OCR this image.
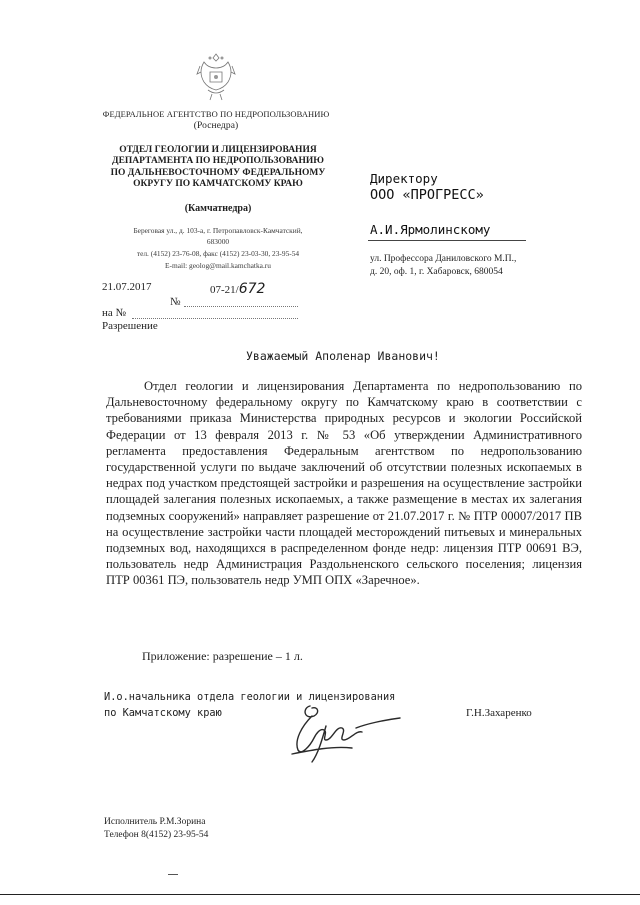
ФЕДЕРАЛЬНОЕ АГЕНТСТВО ПО НЕДРОПОЛЬЗОВАНИЮ
(Роснедра)
ОТДЕЛ ГЕОЛОГИИ И ЛИЦЕНЗИРОВАНИЯ
ДЕПАРТАМЕНТА ПО НЕДРОПОЛЬЗОВАНИЮ
ПО ДАЛЬНЕВОСТОЧНОМУ ФЕДЕРАЛЬНОМУ
ОКРУГУ ПО КАМЧАТСКОМУ КРАЮ
(Камчатнедра)
Береговая ул., д. 103-а, г. Петропавловск-Камчатский,
683000
тел. (4152) 23-76-08, факс (4152) 23-03-30, 23-95-54
E-mail: geolog@mail.kamchatka.ru
Директору
ООО «ПРОГРЕСС»
А.И.Ярмолинскому
ул. Профессора Даниловского М.П.,
д. 20, оф. 1, г. Хабаровск, 680054
21.07.2017	07-21/672
№
на №
Разрешение
Уважаемый Аполенар Иванович!
Отдел геологии и лицензирования Департамента по недропользованию по Дальневосточному федеральному округу по Камчатскому краю в соответствии с требованиями приказа Министерства природных ресурсов и экологии Российской Федерации от 13 февраля 2013 г. № 53 «Об утверждении Административного регламента предоставления Федеральным агентством по недропользованию государственной услуги по выдаче заключений об отсутствии полезных ископаемых в недрах под участком предстоящей застройки и разрешения на осуществление застройки площадей залегания полезных ископаемых, а также размещение в местах их залегания подземных сооружений» направляет разрешение от 21.07.2017 г. № ПТР 00007/2017 ПВ на осуществление застройки части площадей месторождений питьевых и минеральных подземных вод, находящихся в распределенном фонде недр: лицензия ПТР 00691 ВЭ, пользователь недр Администрация Раздольненского сельского поселения; лицензия ПТР 00361 ПЭ, пользователь недр УМП ОПХ «Заречное».
Приложение: разрешение – 1 л.
И.о.начальника отдела геологии и лицензирования
по Камчатскому краю	Г.Н.Захаренко
Исполнитель Р.М.Зорина
Телефон 8(4152) 23-95-54
